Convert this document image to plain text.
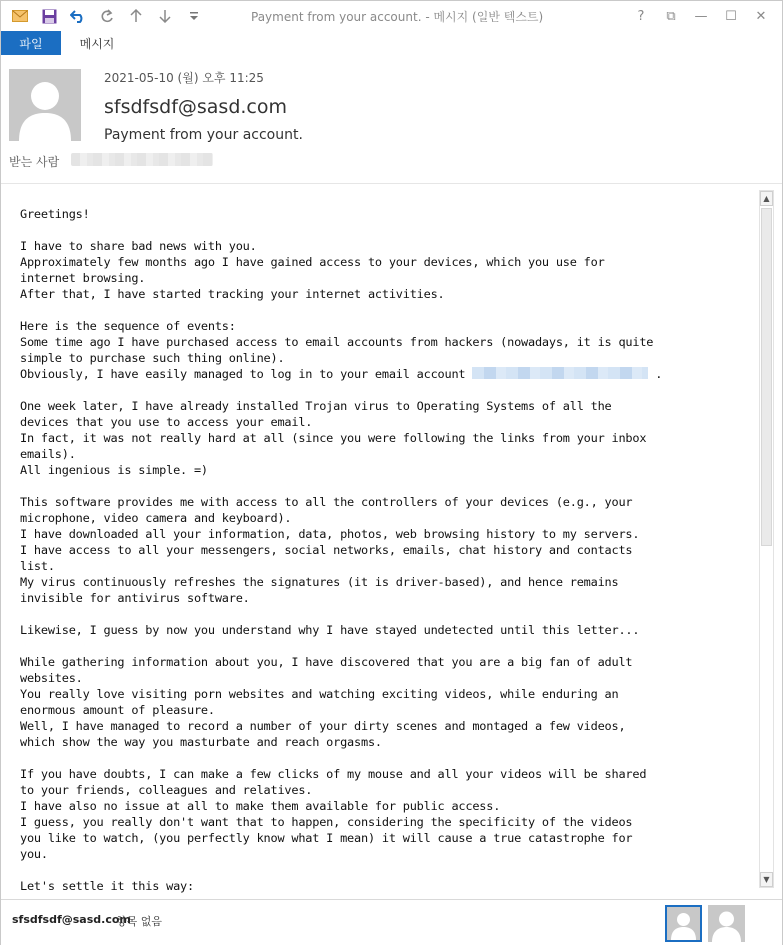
Payment from your account. - 메시지 (일반 텍스트)	?	⧉	—	☐	✕
파일	메시지
2021-05-10 (월) 오후 11:25
sfsdfsdf@sasd.com
Payment from your account.
받는 사람
Greetings!

I have to share bad news with you.
Approximately few months ago I have gained access to your devices, which you use for
internet browsing.
After that, I have started tracking your internet activities.

Here is the sequence of events:
Some time ago I have purchased access to email accounts from hackers (nowadays, it is quite
simple to purchase such thing online).
Obviously, I have easily managed to log in to your email account	.

One week later, I have already installed Trojan virus to Operating Systems of all the
devices that you use to access your email.
In fact, it was not really hard at all (since you were following the links from your inbox
emails).
All ingenious is simple. =)

This software provides me with access to all the controllers of your devices (e.g., your
microphone, video camera and keyboard).
I have downloaded all your information, data, photos, web browsing history to my servers.
I have access to all your messengers, social networks, emails, chat history and contacts
list.
My virus continuously refreshes the signatures (it is driver-based), and hence remains
invisible for antivirus software.

Likewise, I guess by now you understand why I have stayed undetected until this letter...

While gathering information about you, I have discovered that you are a big fan of adult
websites.
You really love visiting porn websites and watching exciting videos, while enduring an
enormous amount of pleasure.
Well, I have managed to record a number of your dirty scenes and montaged a few videos,
which show the way you masturbate and reach orgasms.

If you have doubts, I can make a few clicks of my mouse and all your videos will be shared
to your friends, colleagues and relatives.
I have also no issue at all to make them available for public access.
I guess, you really don't want that to happen, considering the specificity of the videos
you like to watch, (you perfectly know what I mean) it will cause a true catastrophe for
you.

Let's settle it this way:
▲
▼
sfsdfsdf@sasd.com
항목 없음
